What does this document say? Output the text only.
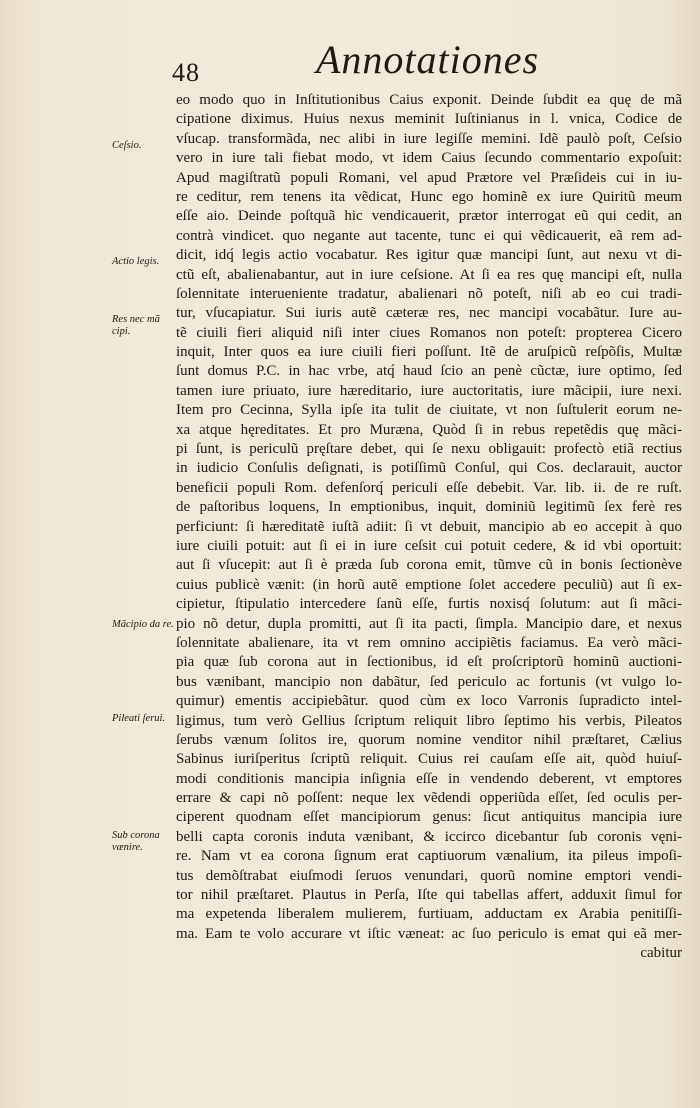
48	Annotationes
Ceſsio.
Actio legis.
Res nec mã cipi.
Mãcipio da re.
Pileati ſerui.
Sub corona vænire.
eo modo quo in Inſtitutionibus Caius exponit. Deinde ſubdit ea quę de mã
cipatione diximus. Huius nexus meminit Iuſtinianus in l. vnica, Codice de
vſucap. transformãda, nec alibi in iure legiſſe memini. Idẽ paulò poſt, Ceſsio
vero in iure tali fiebat modo, vt idem Caius ſecundo commentario expoſuit:
Apud magiſtratũ populi Romani, vel apud Prætore vel Præſideis cui in iu-
re ceditur, rem tenens ita vẽdicat, Hunc ego hominẽ ex iure Quiritũ meum
eſſe aio. Deinde poſtquã hic vendicauerit, prætor interrogat eũ qui cedit, an
contrà vindicet. quo negante aut tacente, tunc ei qui vẽdicauerit, eã rem ad-
dicit, idq́ legis actio vocabatur. Res igitur quæ mancipi ſunt, aut nexu vt di-
ctũ eſt, abalienabantur, aut in iure ceſsione. At ſi ea res quę mancipi eſt, nulla
ſolennitate interueniente tradatur, abalienari nõ poteſt, niſi ab eo cui tradi-
tur, vſucapiatur. Sui iuris autẽ cæteræ res, nec mancipi vocabãtur. Iure au-
tẽ ciuili fieri aliquid niſi inter ciues Romanos non poteſt: propterea Cicero
inquit, Inter quos ea iure ciuili fieri poſſunt. Itẽ de aruſpicũ reſpõſis, Multæ
ſunt domus P.C. in hac vrbe, atq́ haud ſcio an penè cũctæ, iure optimo, ſed
tamen iure priuato, iure hæreditario, iure auctoritatis, iure mãcipii, iure nexi.
Item pro Cecinna, Sylla ipſe ita tulit de ciuitate, vt non ſuſtulerit eorum ne-
xa atque hęreditates. Et pro Muræna, Quòd ſi in rebus repetẽdis quę mãci-
pi ſunt, is periculũ pręſtare debet, qui ſe nexu obligauit: profectò etiã rectius
in iudicio Conſulis deſignati, is potiſſimũ Conſul, qui Cos. declarauit, auctor
beneficii populi Rom. defenſorq́ periculi eſſe debebit. Var. lib. ii. de re ruſt.
de paſtoribus loquens, In emptionibus, inquit, dominiũ legitimũ ſex ferè res
perficiunt: ſi hæreditatẽ iuſtã adiit: ſi vt debuit, mancipio ab eo accepit à quo
iure ciuili potuit: aut ſi ei in iure ceſsit cui potuit cedere, & id vbi oportuit:
aut ſi vſucepit: aut ſi è præda ſub corona emit, tũmve cũ in bonis ſectionève
cuius publicè vænit: (in horũ autẽ emptione ſolet accedere peculiũ) aut ſi ex-
cipietur, ſtipulatio intercedere ſanũ eſſe, furtis noxisq́ ſolutum: aut ſi mãci-
pio nõ detur, dupla promitti, aut ſi ita pacti, ſimpla. Mancipio dare, et nexus
ſolennitate abalienare, ita vt rem omnino accipiẽtis faciamus. Ea verò mãci-
pia quæ ſub corona aut in ſectionibus, id eſt proſcriptorũ hominũ auctioni-
bus vænibant, mancipio non dabãtur, ſed periculo ac fortunis (vt vulgo lo-
quimur) ementis accipiebãtur. quod cùm ex loco Varronis ſupradicto intel-
ligimus, tum verò Gellius ſcriptum reliquit libro ſeptimo his verbis, Pileatos
ſerubs vænum ſolitos ire, quorum nomine venditor nihil præſtaret, Cælius
Sabinus iuriſperitus ſcriptũ reliquit. Cuius rei cauſam eſſe ait, quòd huiuſ-
modi conditionis mancipia inſignia eſſe in vendendo deberent, vt emptores
errare & capi nõ poſſent: neque lex vẽdendi opperiũda eſſet, ſed oculis per-
ciperent quodnam eſſet mancipiorum genus: ſicut antiquitus mancipia iure
belli capta coronis induta vænibant, & iccirco dicebantur ſub coronis vęni-
re. Nam vt ea corona ſignum erat captiuorum vænalium, ita pileus impoſi-
tus demõſtrabat eiuſmodi ſeruos venundari, quorũ nomine emptori vendi-
tor nihil præſtaret. Plautus in Perſa, Iſte qui tabellas affert, adduxit ſimul for
ma expetenda liberalem mulierem, furtiuam, adductam ex Arabia penitiſſi-
ma. Eam te volo accurare vt iſtic væneat: ac ſuo periculo is emat qui eã mer-
cabitur
